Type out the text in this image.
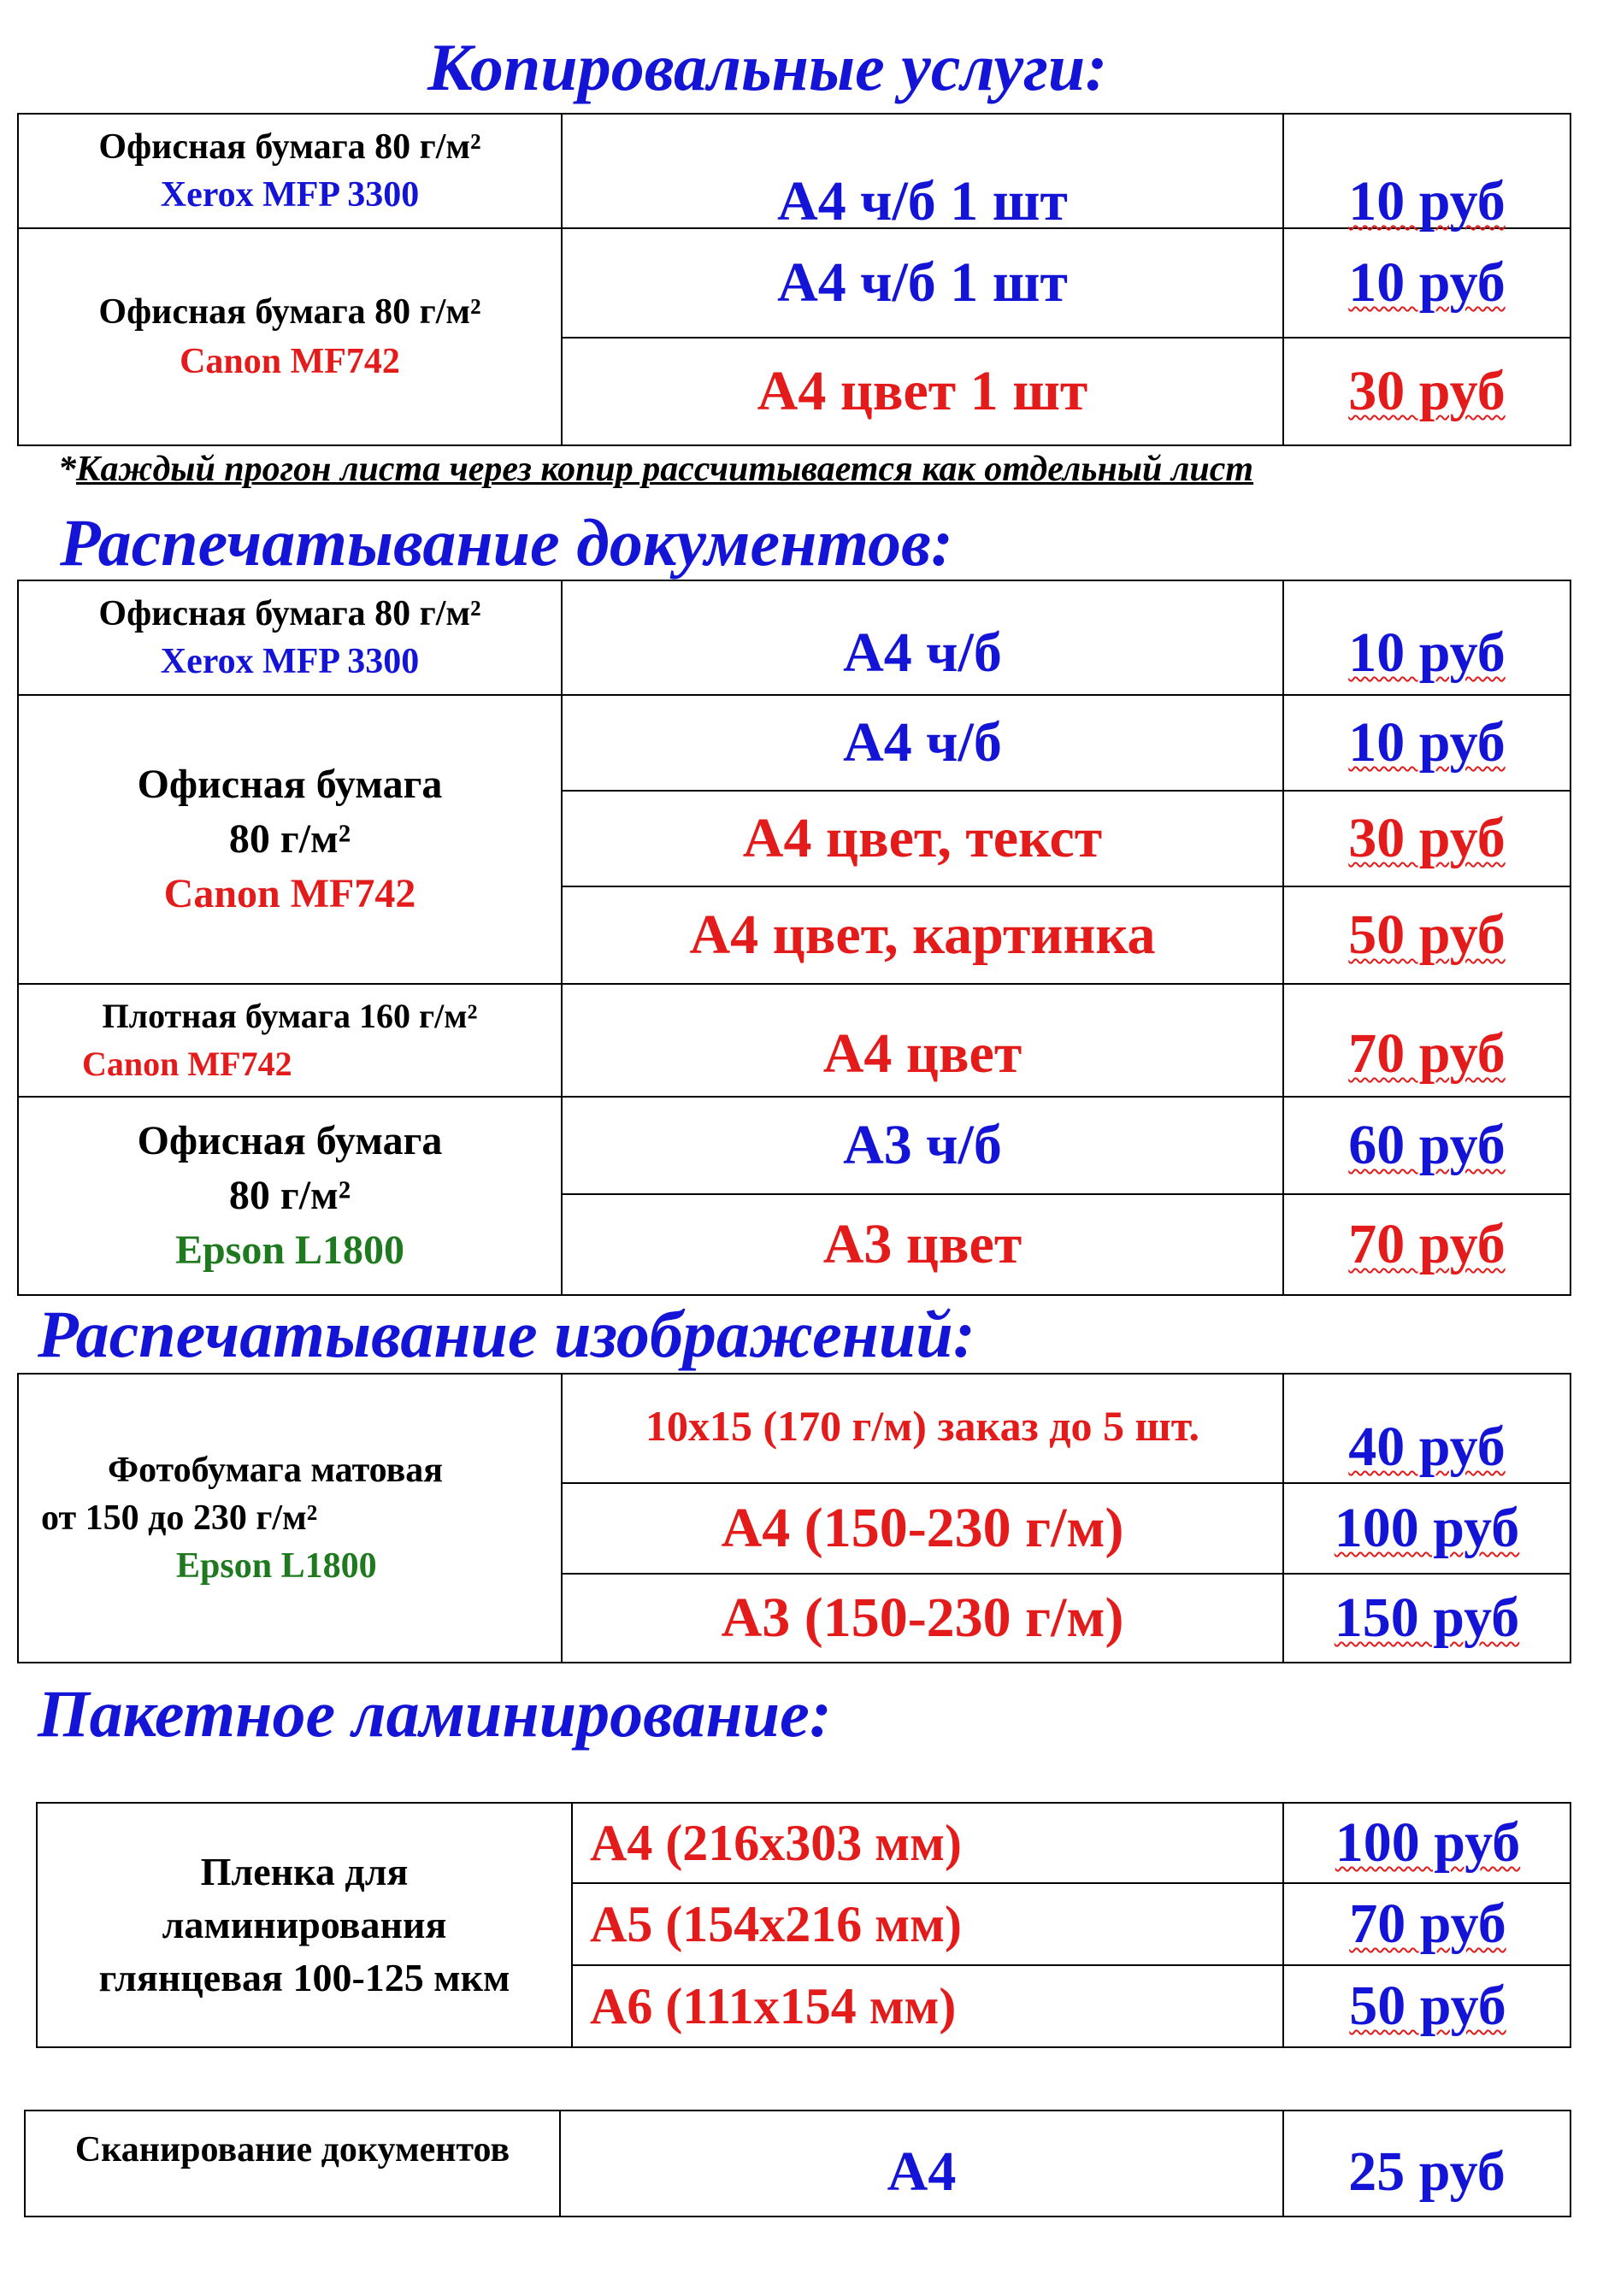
Копировальные услуги:
Офисная бумага 80 г/м²
Xerox MFP 3300	А4 ч/б 1 шт	10 руб
Офисная бумага 80 г/м²
Canon MF742
А4 ч/б 1 шт	10 руб
А4 цвет 1 шт	30 руб
*Каждый прогон листа через копир рассчитывается как отдельный лист
Распечатывание документов:
Офисная бумага 80 г/м²
Xerox MFP 3300	А4 ч/б	10 руб
Офисная бумага
80 г/м²
Canon MF742
А4 ч/б	10 руб
А4 цвет, текст	30 руб
А4 цвет, картинка	50 руб
Плотная бумага 160 г/м²
Canon MF742	А4 цвет	70 руб
Офисная бумага
80 г/м²
Epson L1800
А3 ч/б	60 руб
А3 цвет	70 руб
Распечатывание изображений:
Фотобумага матовая
от 150 до 230 г/м²
Epson L1800
10х15 (170 г/м) заказ до 5 шт.	40 руб
А4 (150-230 г/м)	100 руб
А3 (150-230 г/м)	150 руб
Пакетное ламинирование:
Пленка для
ламинирования
глянцевая 100-125 мкм
А4 (216х303 мм)	100 руб
А5 (154х216 мм)	70 руб
А6 (111х154 мм)	50 руб
Сканирование документов	А4	25 руб
